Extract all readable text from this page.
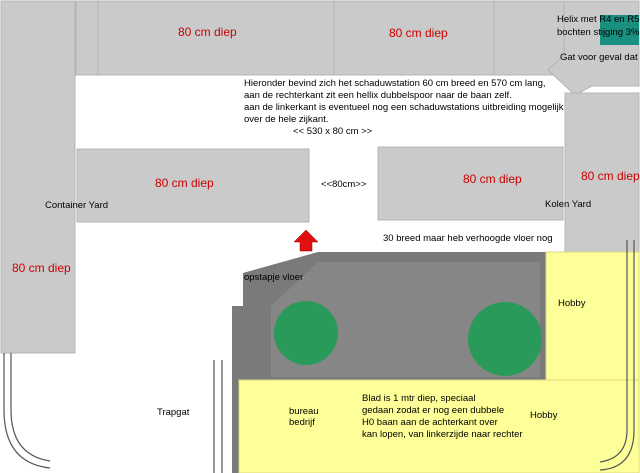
80 cm diep	80 cm diep
Helix met R4 en R5
bochten stijging 3%
Gat voor geval dat
Hieronder bevind zich het schaduwstation 60 cm breed en 570 cm lang,
aan de rechterkant zit een hellix dubbelspoor naar de baan zelf.
aan de linkerkant is eventueel nog een schaduwstations uitbreiding mogelijk
over de hele zijkant.
<< 530 x 80 cm >>
80 cm diep	<<80cm>>	80 cm diep	80 cm diep
Container Yard	Kolen Yard
30 breed maar heb verhoogde vloer nog
80 cm diep
opstapje vloer
Hobby
Trapgat	bureau
bedrijf
Blad is 1 mtr diep, speciaal
gedaan zodat er nog een dubbele
H0 baan aan de achterkant over
kan lopen, van linkerzijde naar rechter
Hobby
